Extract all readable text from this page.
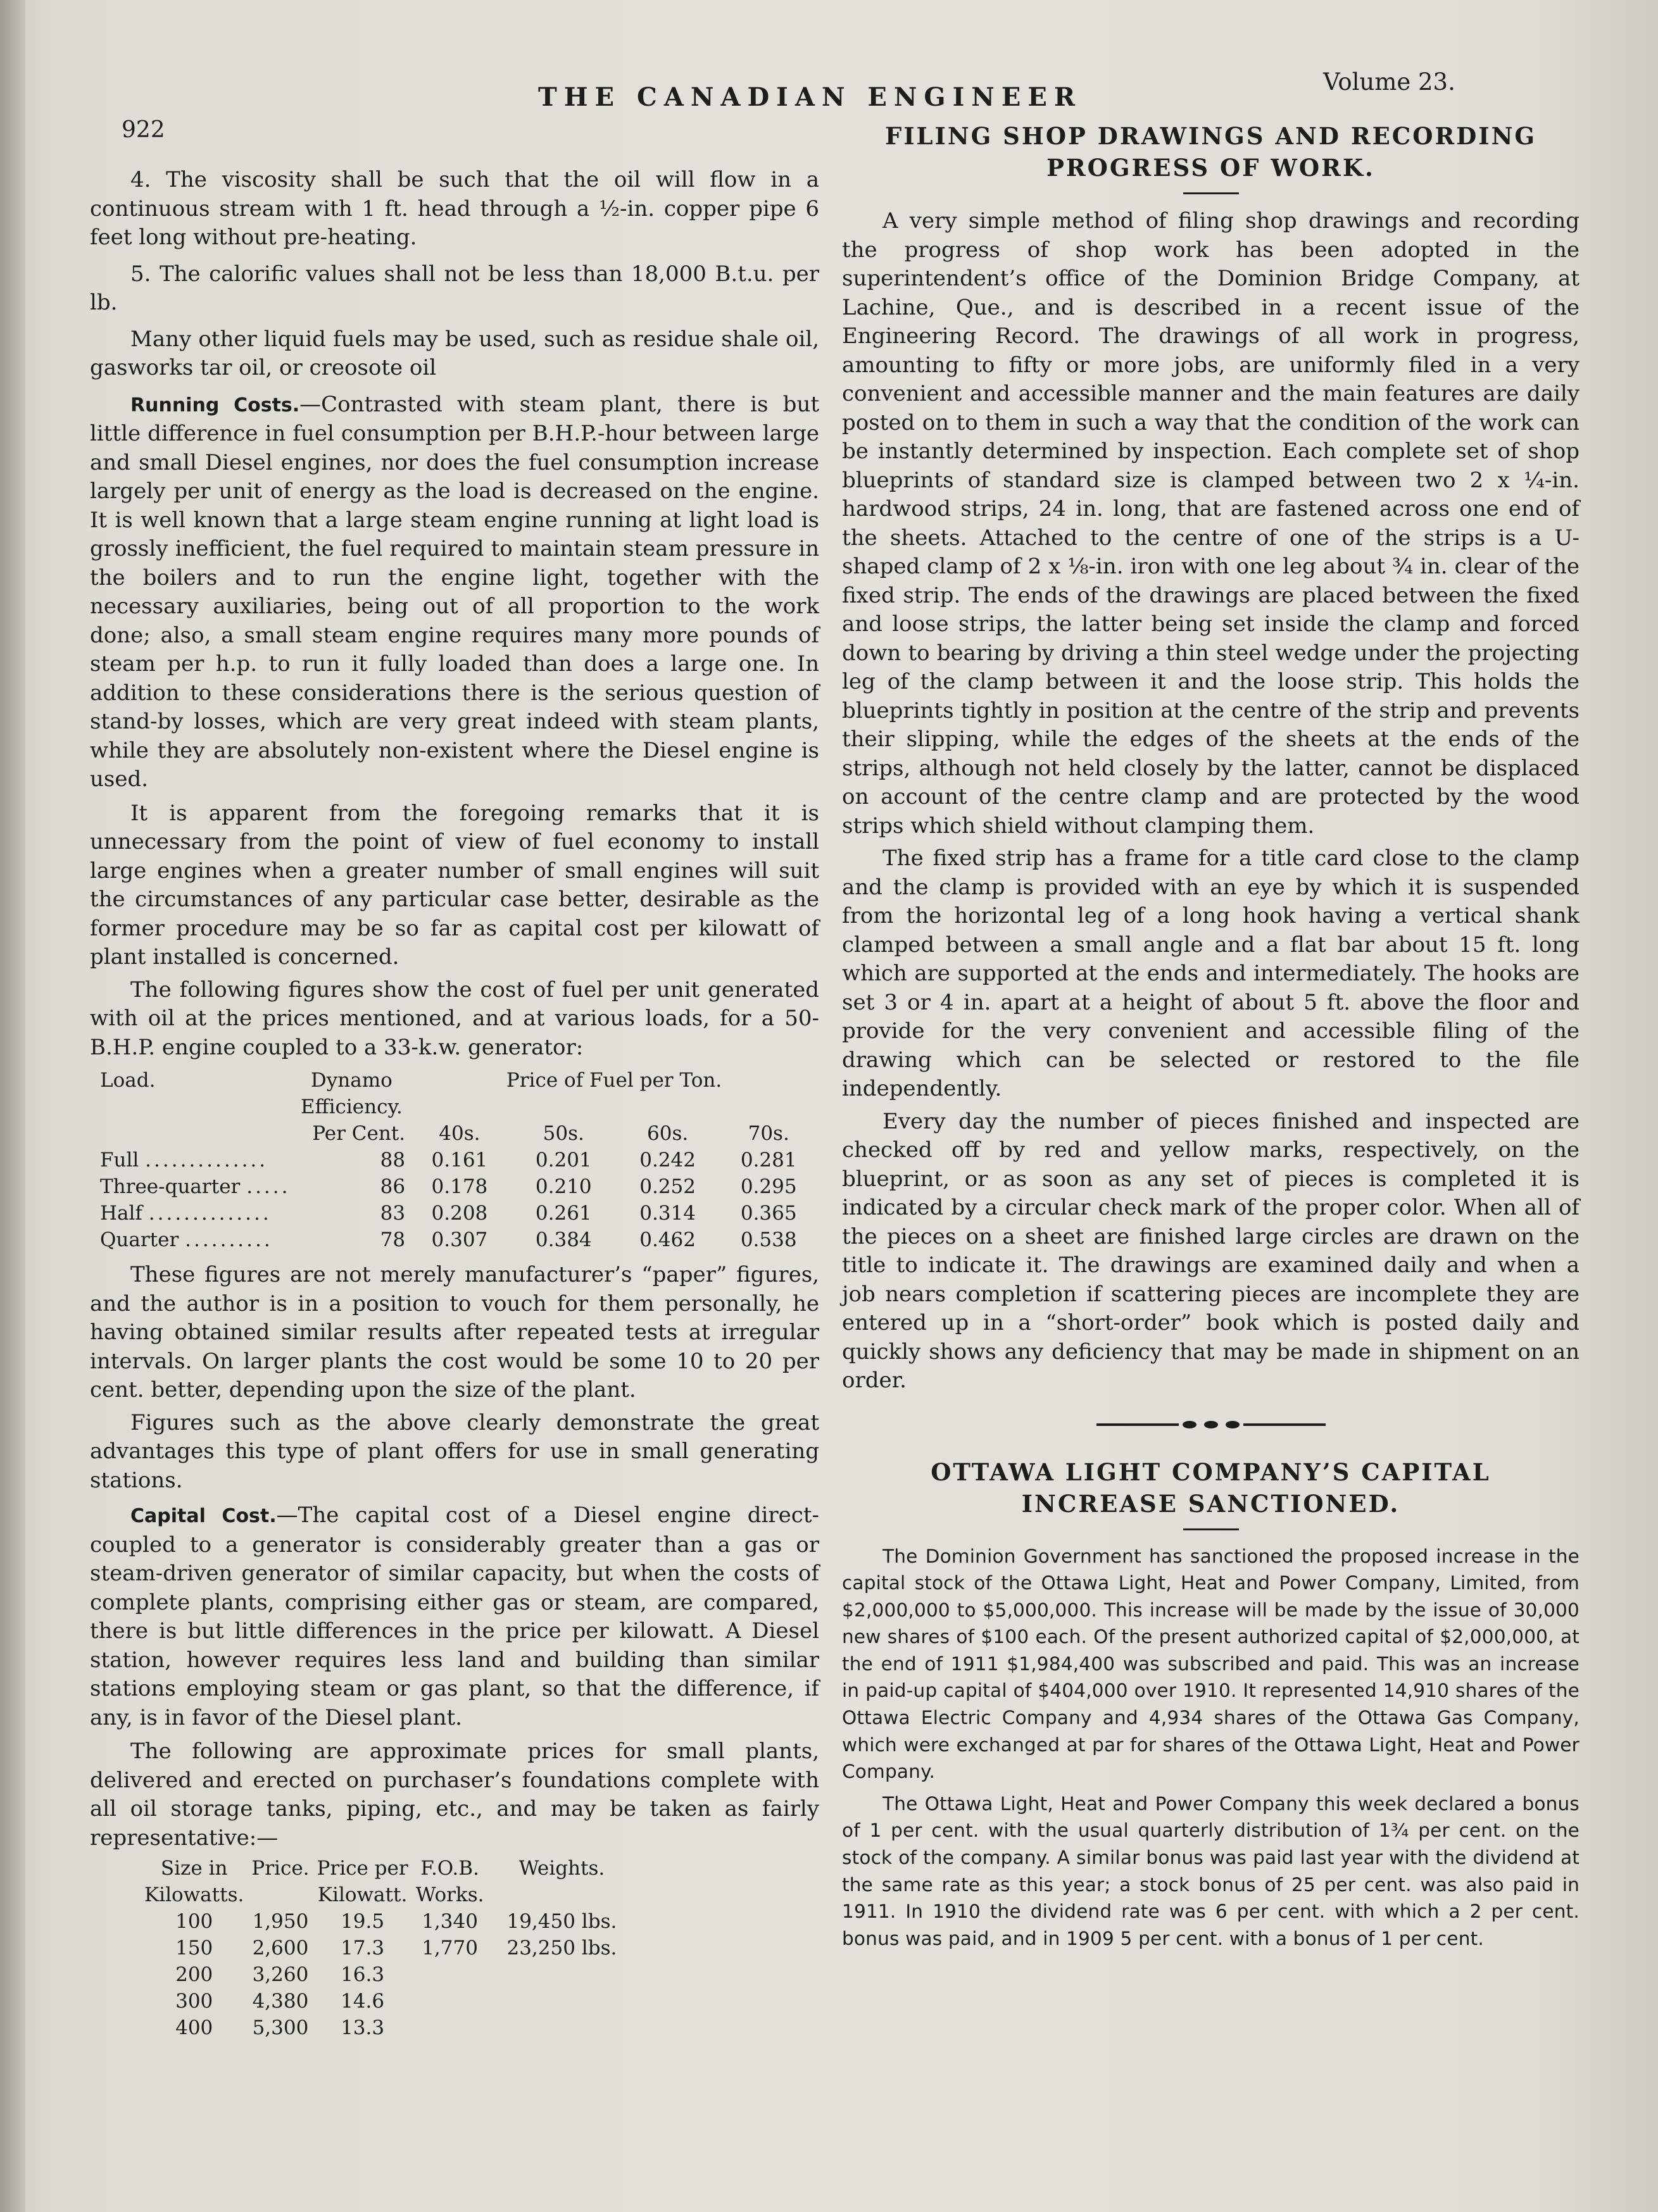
922
THE CANADIAN ENGINEER
Volume 23.

4. The viscosity shall be such that the oil will flow in a continuous stream with 1 ft. head through a ½-in. copper pipe 6 feet long without pre-heating.

5. The calorific values shall not be less than 18,000 B.t.u. per lb.

Many other liquid fuels may be used, such as residue shale oil, gasworks tar oil, or creosote oil

Running Costs.—Contrasted with steam plant, there is but little difference in fuel consumption per B.H.P.-hour between large and small Diesel engines, nor does the fuel consumption increase largely per unit of energy as the load is decreased on the engine. It is well known that a large steam engine running at light load is grossly inefficient, the fuel required to maintain steam pressure in the boilers and to run the engine light, together with the necessary auxiliaries, being out of all proportion to the work done; also, a small steam engine requires many more pounds of steam per h.p. to run it fully loaded than does a large one. In addition to these considerations there is the serious question of stand-by losses, which are very great indeed with steam plants, while they are absolutely non-existent where the Diesel engine is used.

It is apparent from the foregoing remarks that it is unnecessary from the point of view of fuel economy to install large engines when a greater number of small engines will suit the circumstances of any particular case better, desirable as the former procedure may be so far as capital cost per kilowatt of plant installed is concerned.

The following figures show the cost of fuel per unit generated with oil at the prices mentioned, and at various loads, for a 50-B.H.P. engine coupled to a 33-k.w. generator:

Load.	Dynamo	Price of Fuel per Ton.			
	Efficiency.				
	Per Cent.	40s.	50s.	60s.	70s.
Full ..............	88	0.161	0.201	0.242	0.281
Three-quarter .....	86	0.178	0.210	0.252	0.295
Half ..............	83	0.208	0.261	0.314	0.365
Quarter ..........	78	0.307	0.384	0.462	0.538

These figures are not merely manufacturer’s “paper” figures, and the author is in a position to vouch for them personally, he having obtained similar results after repeated tests at irregular intervals. On larger plants the cost would be some 10 to 20 per cent. better, depending upon the size of the plant.

Figures such as the above clearly demonstrate the great advantages this type of plant offers for use in small generating stations.

Capital Cost.—The capital cost of a Diesel engine direct-coupled to a generator is considerably greater than a gas or steam-driven generator of similar capacity, but when the costs of complete plants, comprising either gas or steam, are compared, there is but little differences in the price per kilowatt. A Diesel station, however requires less land and building than similar stations employing steam or gas plant, so that the difference, if any, is in favor of the Diesel plant.

The following are approximate prices for small plants, delivered and erected on purchaser’s foundations complete with all oil storage tanks, piping, etc., and may be taken as fairly representative:—

Size in	Price.	Price per	F.O.B.	Weights.
Kilowatts.		Kilowatt.	Works.	
100	1,950	19.5	1,340	19,450 lbs.
150	2,600	17.3	1,770	23,250 lbs.
200	3,260	16.3		
300	4,380	14.6		
400	5,300	13.3		
FILING SHOP DRAWINGS AND RECORDING
PROGRESS OF WORK.

A very simple method of filing shop drawings and recording the progress of shop work has been adopted in the superintendent’s office of the Dominion Bridge Company, at Lachine, Que., and is described in a recent issue of the Engineering Record. The drawings of all work in progress, amounting to fifty or more jobs, are uniformly filed in a very convenient and accessible manner and the main features are daily posted on to them in such a way that the condition of the work can be instantly determined by inspection. Each complete set of shop blueprints of standard size is clamped between two 2 x ¼-in. hardwood strips, 24 in. long, that are fastened across one end of the sheets. Attached to the centre of one of the strips is a U-shaped clamp of 2 x ⅛-in. iron with one leg about ¾ in. clear of the fixed strip. The ends of the drawings are placed between the fixed and loose strips, the latter being set inside the clamp and forced down to bearing by driving a thin steel wedge under the projecting leg of the clamp between it and the loose strip. This holds the blueprints tightly in position at the centre of the strip and prevents their slipping, while the edges of the sheets at the ends of the strips, although not held closely by the latter, cannot be displaced on account of the centre clamp and are protected by the wood strips which shield without clamping them.

The fixed strip has a frame for a title card close to the clamp and the clamp is provided with an eye by which it is suspended from the horizontal leg of a long hook having a vertical shank clamped between a small angle and a flat bar about 15 ft. long which are supported at the ends and intermediately. The hooks are set 3 or 4 in. apart at a height of about 5 ft. above the floor and provide for the very convenient and accessible filing of the drawing which can be selected or restored to the file independently.

Every day the number of pieces finished and inspected are checked off by red and yellow marks, respectively, on the blueprint, or as soon as any set of pieces is completed it is indicated by a circular check mark of the proper color. When all of the pieces on a sheet are finished large circles are drawn on the title to indicate it. The drawings are examined daily and when a job nears completion if scattering pieces are incomplete they are entered up in a “short-order” book which is posted daily and quickly shows any deficiency that may be made in shipment on an order.

OTTAWA LIGHT COMPANY’S CAPITAL
INCREASE SANCTIONED.

The Dominion Government has sanctioned the proposed increase in the capital stock of the Ottawa Light, Heat and Power Company, Limited, from $2,000,000 to $5,000,000. This increase will be made by the issue of 30,000 new shares of $100 each. Of the present authorized capital of $2,000,000, at the end of 1911 $1,984,400 was subscribed and paid. This was an increase in paid-up capital of $404,000 over 1910. It represented 14,910 shares of the Ottawa Electric Company and 4,934 shares of the Ottawa Gas Company, which were exchanged at par for shares of the Ottawa Light, Heat and Power Company.

The Ottawa Light, Heat and Power Company this week declared a bonus of 1 per cent. with the usual quarterly distribution of 1¾ per cent. on the stock of the company. A similar bonus was paid last year with the dividend at the same rate as this year; a stock bonus of 25 per cent. was also paid in 1911. In 1910 the dividend rate was 6 per cent. with which a 2 per cent. bonus was paid, and in 1909 5 per cent. with a bonus of 1 per cent.
